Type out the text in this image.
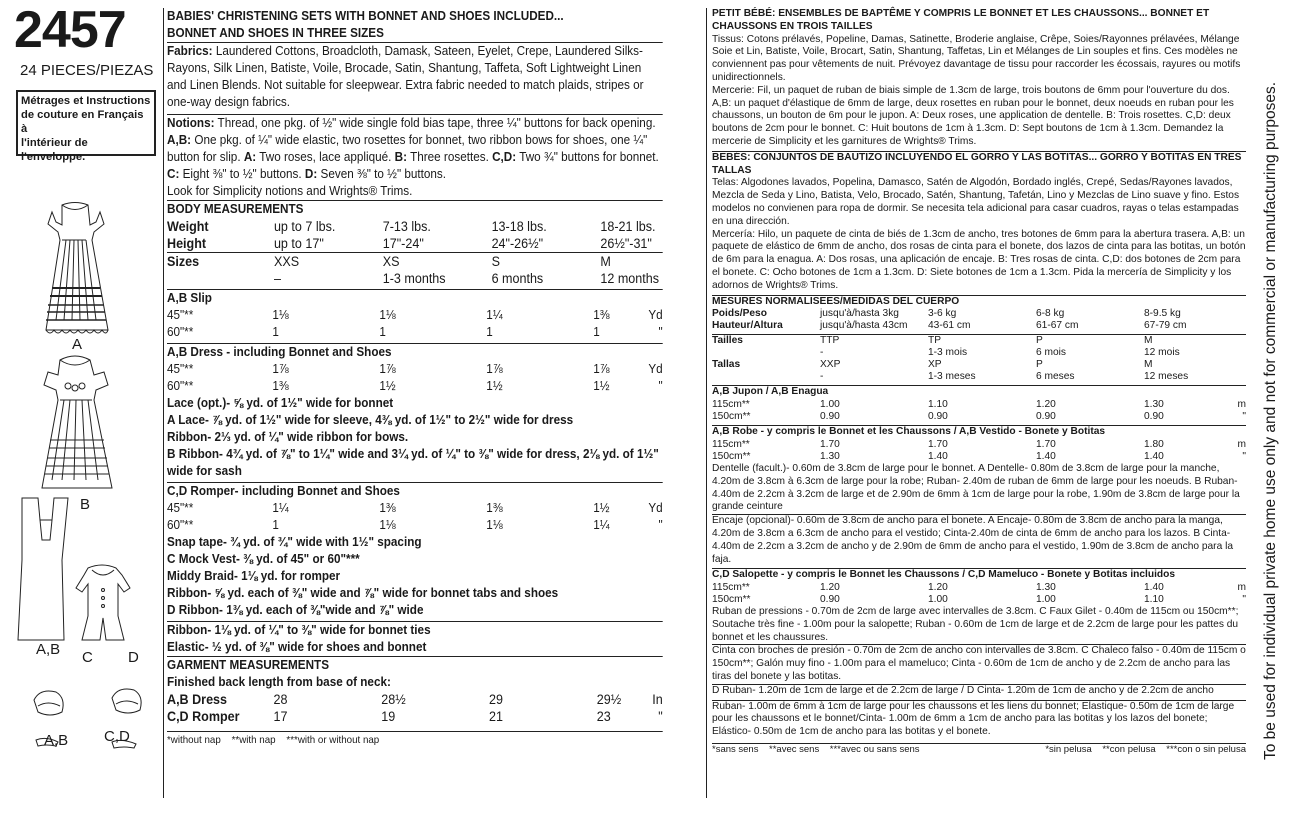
2457
24 PIECES/PIEZAS
Métrages et Instructions
de couture en Français à
l'intérieur de
l'enveloppe.
A
B
A,B C D
A,B C,D
BABIES' CHRISTENING SETS WITH BONNET AND SHOES INCLUDED...
BONNET AND SHOES IN THREE SIZES
Fabrics: Laundered Cottons, Broadcloth, Damask, Sateen, Eyelet, Crepe, Laundered Silks-Rayons, Silk Linen, Batiste, Voile, Brocade, Satin, Shantung, Taffeta, Soft Lightweight Linen and Linen Blends. Not suitable for sleepwear. Extra fabric needed to match plaids, stripes or one-way design fabrics.
Notions: Thread, one pkg. of ½" wide single fold bias tape, three ¼" buttons for back opening. A,B: One pkg. of ¼" wide elastic, two rosettes for bonnet, two ribbon bows for shoes, one ¼" button for slip. A: Two roses, lace appliqué. B: Three rosettes. C,D: Two ¾" buttons for bonnet. C: Eight ⅜" to ½" buttons. D: Seven ⅜" to ½" buttons.
Look for Simplicity notions and Wrights® Trims.
BODY MEASUREMENTS
Weight	up to 7 lbs.	7-13 lbs.	13-18 lbs.	18-21 lbs.
Height	up to 17"	17"-24"	24"-26½"	26½"-31"
Sizes	XXS	XS	S	M
	–	1-3 months	6 months	12 months
A,B Slip
45"**	1⅛	1⅛	1¼	1⅜	Yd
60"**	1	1	1	1	"
A,B Dress - including Bonnet and Shoes
45"**	1⅞	1⅞	1⅞	1⅞	Yd
60"**	1⅜	1½	1½	1½	"
Lace (opt.)- ⅝ yd. of 1½" wide for bonnet
A Lace- ⅞ yd. of 1½" wide for sleeve, 4⅜ yd. of 1½" to 2½" wide for dress
Ribbon- 2⅓ yd. of ¼" wide ribbon for bows.
B Ribbon- 4¾ yd. of ⅞" to 1¼" wide and 3¼ yd. of ¼" to ⅜" wide for dress, 2⅛ yd. of 1½" wide for sash
C,D Romper- including Bonnet and Shoes
45"**	1¼	1⅜	1⅜	1½	Yd
60"**	1	1⅛	1⅛	1¼	"
Snap tape- ¾ yd. of ¾" wide with 1½" spacing
C Mock Vest- ⅜ yd. of 45" or 60"***
Middy Braid- 1⅛ yd. for romper
Ribbon- ⅝ yd. each of ⅜" wide and ⅞" wide for bonnet tabs and shoes
D Ribbon- 1⅜ yd. each of ⅜"wide and ⅞" wide
Ribbon- 1⅛ yd. of ¼" to ⅜" wide for bonnet ties
Elastic- ½ yd. of ⅜" wide for shoes and bonnet
GARMENT MEASUREMENTS
Finished back length from base of neck:
A,B Dress	28	28½	29	29½	In
C,D Romper	17	19	21	23	"
*without nap    **with nap    ***with or without nap
PETIT BÉBÉ: ENSEMBLES DE BAPTÊME Y COMPRIS LE BONNET ET LES CHAUSSONS... BONNET ET CHAUSSONS EN TROIS TAILLES
Tissus: Cotons prélavés, Popeline, Damas, Satinette, Broderie anglaise, Crêpe, Soies/Rayonnes prélavées, Mélange Soie et Lin, Batiste, Voile, Brocart, Satin, Shantung, Taffetas, Lin et Mélanges de Lin souples et fins. Ces modèles ne conviennent pas pour vêtements de nuit. Prévoyez davantage de tissu pour raccorder les écossais, rayures ou motifs unidirectionnels.
Mercerie: Fil, un paquet de ruban de biais simple de 1.3cm de large, trois boutons de 6mm pour l'ouverture du dos. A,B: un paquet d'élastique de 6mm de large, deux rosettes en ruban pour le bonnet, deux noeuds en ruban pour les chaussons, un bouton de 6m pour le jupon. A: Deux roses, une application de dentelle. B: Trois rosettes. C,D: deux boutons de 2cm pour le bonnet. C: Huit boutons de 1cm à 1.3cm. D: Sept boutons de 1cm à 1.3cm. Demandez la mercerie de Simplicity et les garnitures de Wrights® Trims.
BEBÉS: CONJUNTOS DE BAUTIZO INCLUYENDO EL GORRO Y LAS BOTITAS... GORRO Y BOTITAS EN TRES TALLAS
Telas: Algodones lavados, Popelina, Damasco, Satén de Algodón, Bordado inglés, Crepé, Sedas/Rayones lavados, Mezcla de Seda y Lino, Batista, Velo, Brocado, Satén, Shantung, Tafetán, Lino y Mezclas de Lino suave y fino. Estos modelos no convienen para ropa de dormir. Se necesita tela adicional para casar cuadros, rayas o telas estampadas en una dirección.
Mercería: Hilo, un paquete de cinta de biés de 1.3cm de ancho, tres botones de 6mm para la abertura trasera. A,B: un paquete de elástico de 6mm de ancho, dos rosas de cinta para el bonete, dos lazos de cinta para las botitas, un botón de 6m para la enagua. A: Dos rosas, una aplicación de encaje. B: Tres rosas de cinta. C,D: dos botones de 2cm para el bonete. C: Ocho botones de 1cm a 1.3cm. D: Siete botones de 1cm a 1.3cm. Pida la mercería de Simplicity y los adornos de Wrights® Trims.
MESURES NORMALISEES/MEDIDAS DEL CUERPO
Poids/Peso	jusqu'à/hasta 3kg	3-6 kg	6-8 kg	8-9.5 kg
Hauteur/Altura	jusqu'à/hasta 43cm	43-61 cm	61-67 cm	67-79 cm
Tailles	TTP	TP	P	M
	-	1-3 mois	6 mois	12 mois
Tallas	XXP	XP	P	M
	-	1-3 meses	6 meses	12 meses
A,B Jupon / A,B Enagua
115cm**	1.00	1.10	1.20	1.30	m
150cm**	0.90	0.90	0.90	0.90	"
A,B Robe - y compris le Bonnet et les Chaussons / A,B Vestido - Bonete y Botitas
115cm**	1.70	1.70	1.70	1.80	m
150cm**	1.30	1.40	1.40	1.40	"
Dentelle (facult.)- 0.60m de 3.8cm de large pour le bonnet. A Dentelle- 0.80m de 3.8cm de large pour la manche, 4.20m de 3.8cm à 6.3cm de large pour la robe; Ruban- 2.40m de ruban de 6mm de large pour les noeuds. B Ruban- 4.40m de 2.2cm à 3.2cm de large et de 2.90m de 6mm à 1cm de large pour la robe, 1.90m de 3.8cm de large pour la grande ceinture
Encaje (opcional)- 0.60m de 3.8cm de ancho para el bonete. A Encaje- 0.80m de 3.8cm de ancho para la manga, 4.20m de 3.8cm a 6.3cm de ancho para el vestido; Cinta-2.40m de cinta de 6mm de ancho para los lazos. B Cinta-4.40m de 2.2cm a 3.2cm de ancho y de 2.90m de 6mm de ancho para el vestido, 1.90m de 3.8cm de ancho para la faja.
C,D Salopette - y compris le Bonnet les Chaussons / C,D Mameluco - Bonete y Botitas incluidos
115cm**	1.20	1.20	1.30	1.40	m
150cm**	0.90	1.00	1.00	1.10	"
Ruban de pressions - 0.70m de 2cm de large avec intervalles de 3.8cm. C Faux Gilet - 0.40m de 115cm ou 150cm**; Soutache très fine - 1.00m pour la salopette; Ruban - 0.60m de 1cm de large et de 2.2cm de large pour les pattes du bonnet et les chaussures.
Cinta con broches de presión - 0.70m de 2cm de ancho con intervalles de 3.8cm. C Chaleco falso - 0.40m de 115cm o 150cm**; Galón muy fino - 1.00m para el mameluco; Cinta - 0.60m de 1cm de ancho y de 2.2cm de ancho para las tiras del bonete y las botitas.
D Ruban- 1.20m de 1cm de large et de 2.2cm de large / D Cinta- 1.20m de 1cm de ancho y de 2.2cm de ancho
Ruban- 1.00m de 6mm à 1cm de large pour les chaussons et les liens du bonnet; Elastique- 0.50m de 1cm de large pour les chaussons et le bonnet/Cinta- 1.00m de 6mm a 1cm de ancho para las botitas y los lazos del bonete; Elástico- 0.50m de 1cm de ancho para las botitas y el bonete.
*sans sens    **avec sens    ***avec ou sans sens	*sin pelusa    **con pelusa    ***con o sin pelusa To be used for individual private home use only and not for commercial or manufacturing purposes.
